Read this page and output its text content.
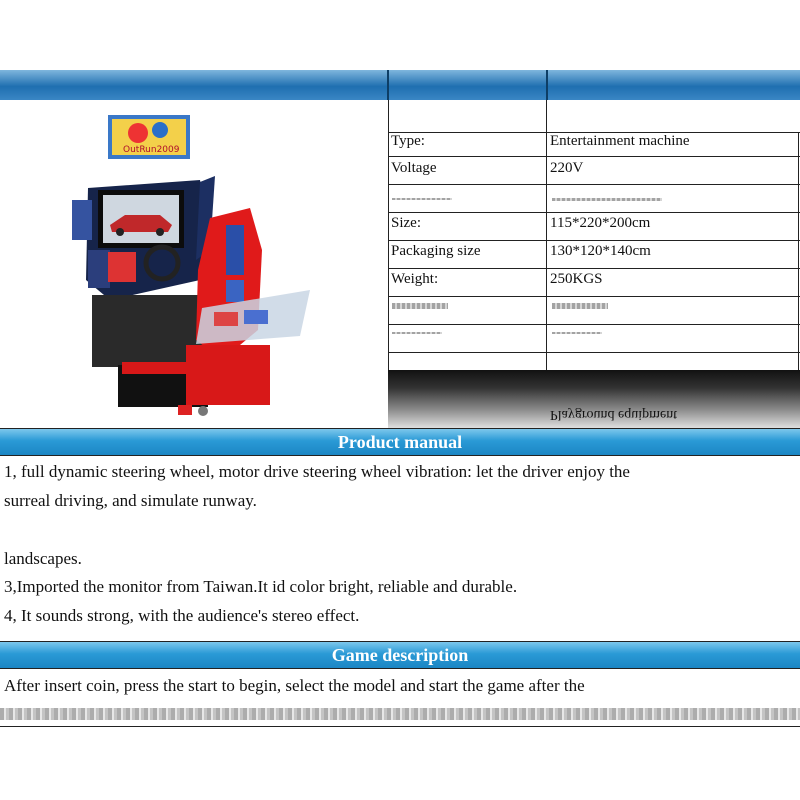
OutRun2009
Type:	Entertainment machine
Voltage	220V
Size:	115*220*200cm
Packaging size	130*120*140cm
Weight:	250KGS
Playground equipment
Product manual
1, full dynamic steering wheel, motor drive steering wheel vibration: let the driver enjoy the
surreal driving, and simulate runway.
landscapes.
3,Imported the monitor from Taiwan.It id color bright, reliable and durable.
4, It sounds strong, with the audience's stereo effect.
Game description
After insert coin, press the start to begin, select the model and start the game after the
